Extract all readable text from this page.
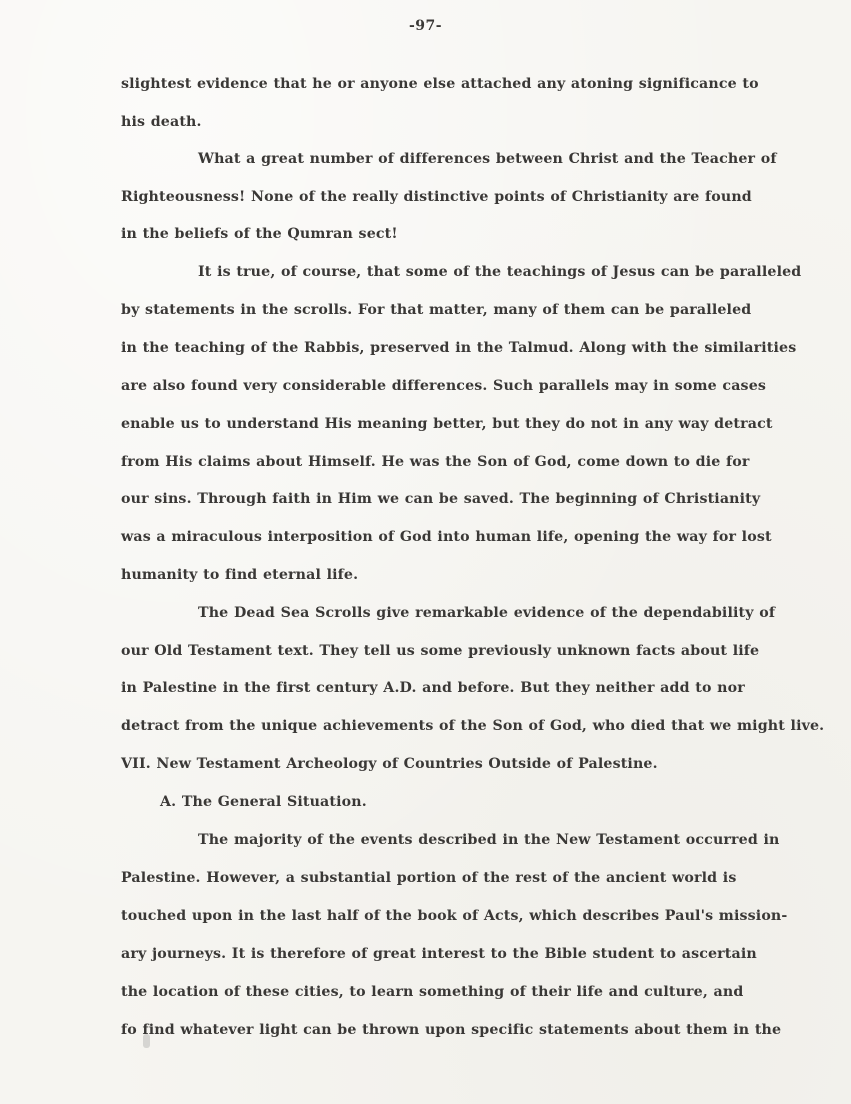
-97-
slightest evidence that he or anyone else attached any atoning significance to
his death.
What a great number of differences between Christ and the Teacher of
Righteousness! None of the really distinctive points of Christianity are found
in the beliefs of the Qumran sect!
It is true, of course, that some of the teachings of Jesus can be paralleled
by statements in the scrolls. For that matter, many of them can be paralleled
in the teaching of the Rabbis, preserved in the Talmud. Along with the similarities
are also found very considerable differences. Such parallels may in some cases
enable us to understand His meaning better, but they do not in any way detract
from His claims about Himself. He was the Son of God, come down to die for
our sins. Through faith in Him we can be saved. The beginning of Christianity
was a miraculous interposition of God into human life, opening the way for lost
humanity to find eternal life.
The Dead Sea Scrolls give remarkable evidence of the dependability of
our Old Testament text. They tell us some previously unknown facts about life
in Palestine in the first century A.D. and before. But they neither add to nor
detract from the unique achievements of the Son of God, who died that we might live.
VII. New Testament Archeology of Countries Outside of Palestine.
A. The General Situation.
The majority of the events described in the New Testament occurred in
Palestine. However, a substantial portion of the rest of the ancient world is
touched upon in the last half of the book of Acts, which describes Paul's mission-
ary journeys. It is therefore of great interest to the Bible student to ascertain
the location of these cities, to learn something of their life and culture, and
fo find whatever light can be thrown upon specific statements about them in the
